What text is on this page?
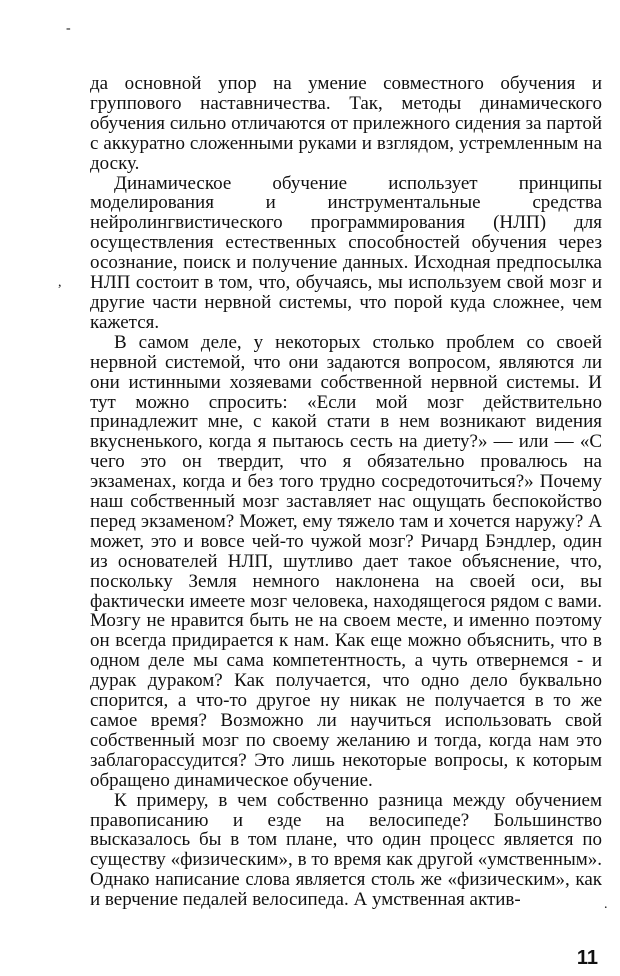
-
,
.

да основной упор на умение совместного обучения и группового наставничества. Так, методы динамического обучения сильно отличаются от прилежного сидения за партой с аккуратно сложенными руками и взглядом, устремленным на доску.

Динамическое обучение использует принципы моделирования и инструментальные средства нейролингвистического программирования (НЛП) для осуществления естественных способностей обучения через осознание, поиск и получение данных. Исходная предпосылка НЛП состоит в том, что, обучаясь, мы используем свой мозг и другие части нервной системы, что порой куда сложнее, чем кажется.

В самом деле, у некоторых столько проблем со своей нервной системой, что они задаются вопросом, являются ли они истинными хозяевами собственной нервной системы. И тут можно спросить: «Если мой мозг действительно принадлежит мне, с какой стати в нем возникают видения вкусненького, когда я пытаюсь сесть на диету?» — или — «С чего это он твердит, что я обязательно провалюсь на экзаменах, когда и без того трудно сосредоточиться?» Почему наш собственный мозг заставляет нас ощущать беспокойство перед экзаменом? Может, ему тяжело там и хочется наружу? А может, это и вовсе чей-то чужой мозг? Ричард Бэндлер, один из основателей НЛП, шутливо дает такое объяснение, что, поскольку Земля немного наклонена на своей оси, вы фактически имеете мозг человека, находящегося рядом с вами. Мозгу не нравится быть не на своем месте, и именно поэтому он всегда придирается к нам. Как еще можно объяснить, что в одном деле мы сама компетентность, а чуть отвернемся - и дурак дураком? Как получается, что одно дело буквально спорится, а что-то другое ну никак не получается в то же самое время? Возможно ли научиться использовать свой собственный мозг по своему желанию и тогда, когда нам это заблагорассудится? Это лишь некоторые вопросы, к которым обращено динамическое обучение.

К примеру, в чем собственно разница между обучением правописанию и езде на велосипеде? Большинство высказалось бы в том плане, что один процесс является по существу «физическим», в то время как другой «умственным». Однако написание слова является столь же «физическим», как и верчение педалей велосипеда. А умственная актив-

11
